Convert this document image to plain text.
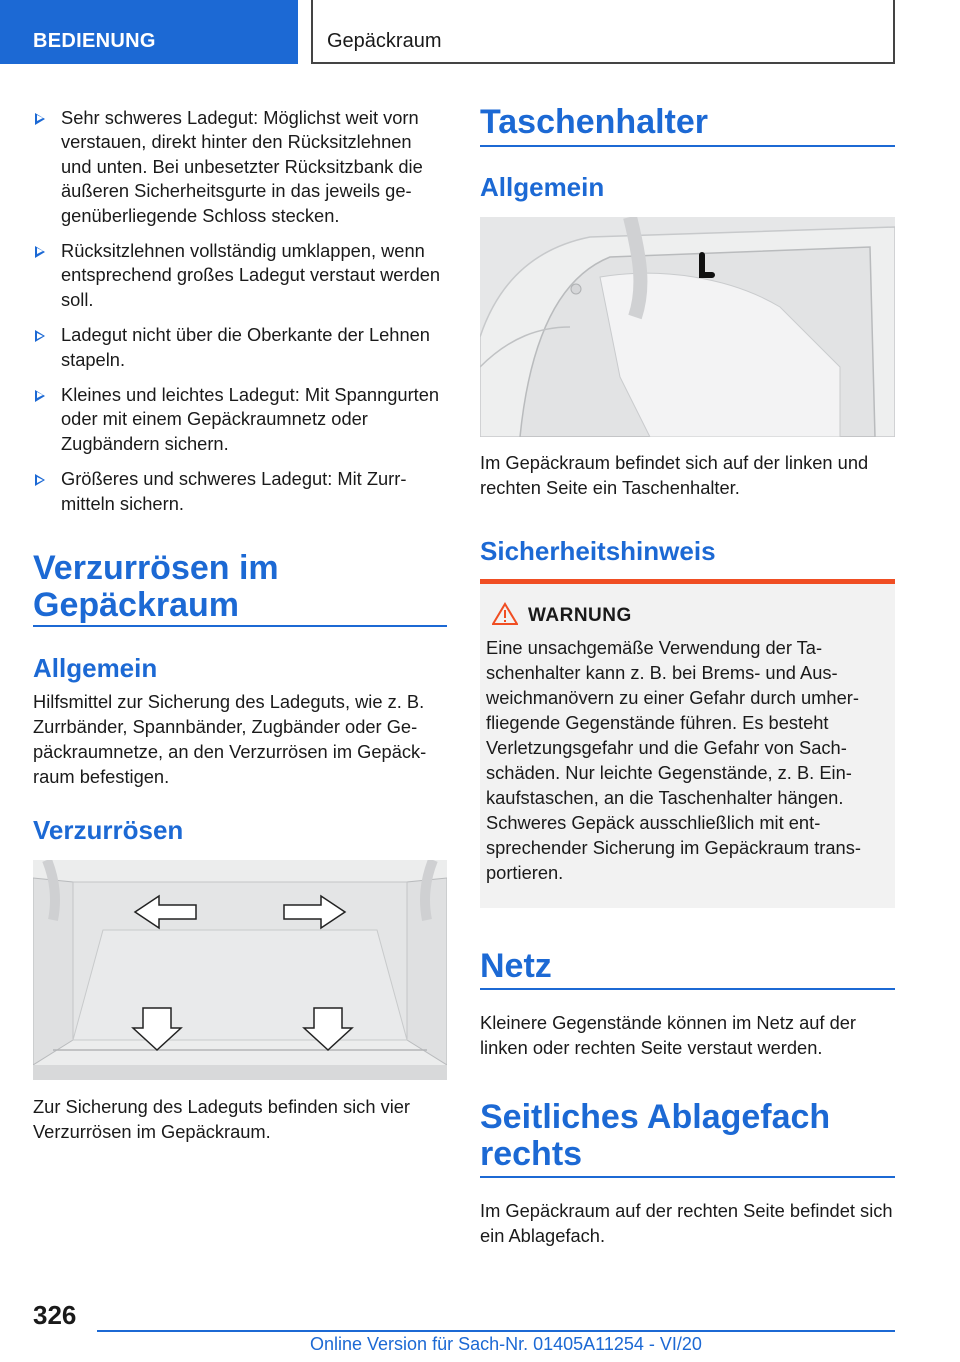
BEDIENUNG	Gepäckraum
Sehr schweres Ladegut: Möglichst weit vorn verstauen, direkt hinter den Rücksitzlehnen und unten. Bei unbesetzter Rücksitzbank die äußeren Sicherheitsgurte in das jeweils gegenüberliegende Schloss stecken.
Rücksitzlehnen vollständig umklappen, wenn entsprechend großes Ladegut verstaut werden soll.
Ladegut nicht über die Oberkante der Lehnen stapeln.
Kleines und leichtes Ladegut: Mit Spanngurten oder mit einem Gepäckraumnetz oder Zugbändern sichern.
Größeres und schweres Ladegut: Mit Zurrmitteln sichern.
Verzurrösen im
Gepäckraum
Allgemein
Hilfsmittel zur Sicherung des Ladeguts, wie z. B. Zurrbänder, Spannbänder, Zugbänder oder Gepäckraumnetze, an den Verzurrösen im Gepäckraum befestigen.
Verzurrösen
Zur Sicherung des Ladeguts befinden sich vier Verzurrösen im Gepäckraum.
Taschenhalter
Allgemein
Im Gepäckraum befindet sich auf der linken und rechten Seite ein Taschenhalter.
Sicherheitshinweis
WARNUNG
Eine unsachgemäße Verwendung der Taschenhalter kann z. B. bei Brems- und Ausweichmanövern zu einer Gefahr durch umherfliegende Gegenstände führen. Es besteht Verletzungsgefahr und die Gefahr von Sachschäden. Nur leichte Gegenstände, z. B. Einkaufstaschen, an die Taschenhalter hängen. Schweres Gepäck ausschließlich mit entsprechender Sicherung im Gepäckraum transportieren.
Netz
Kleinere Gegenstände können im Netz auf der linken oder rechten Seite verstaut werden.
Seitliches Ablagefach
rechts
Im Gepäckraum auf der rechten Seite befindet sich ein Ablagefach.
326
Online Version für Sach-Nr. 01405A11254 - VI/20
